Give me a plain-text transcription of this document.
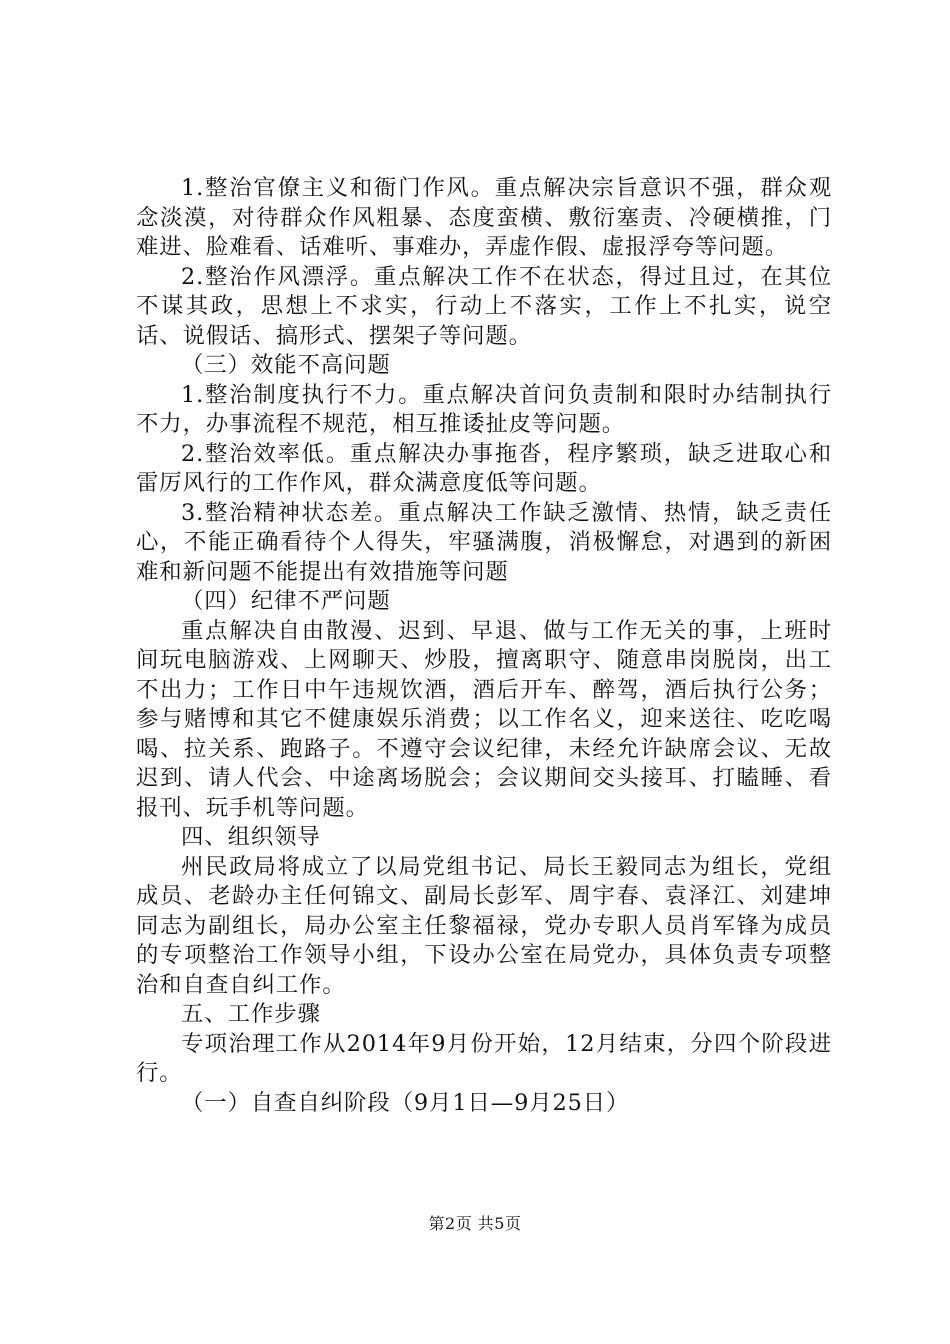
1.整治官僚主义和衙门作风。重点解决宗旨意识不强，群众观念淡漠，对待群众作风粗暴、态度蛮横、敷衍塞责、冷硬横推，门难进、脸难看、话难听、事难办，弄虚作假、虚报浮夸等问题。

2.整治作风漂浮。重点解决工作不在状态，得过且过，在其位不谋其政，思想上不求实，行动上不落实，工作上不扎实，说空话、说假话、搞形式、摆架子等问题。

（三）效能不高问题

1.整治制度执行不力。重点解决首问负责制和限时办结制执行不力，办事流程不规范，相互推诿扯皮等问题。

2.整治效率低。重点解决办事拖沓，程序繁琐，缺乏进取心和雷厉风行的工作作风，群众满意度低等问题。

3.整治精神状态差。重点解决工作缺乏激情、热情，缺乏责任心，不能正确看待个人得失，牢骚满腹，消极懈怠，对遇到的新困难和新问题不能提出有效措施等问题

（四）纪律不严问题

重点解决自由散漫、迟到、早退、做与工作无关的事，上班时间玩电脑游戏、上网聊天、炒股，擅离职守、随意串岗脱岗，出工不出力；工作日中午违规饮酒，酒后开车、醉驾，酒后执行公务；参与赌博和其它不健康娱乐消费；以工作名义，迎来送往、吃吃喝喝、拉关系、跑路子。不遵守会议纪律，未经允许缺席会议、无故迟到、请人代会、中途离场脱会；会议期间交头接耳、打瞌睡、看报刊、玩手机等问题。

四、组织领导

州民政局将成立了以局党组书记、局长王毅同志为组长，党组成员、老龄办主任何锦文、副局长彭军、周宇春、袁泽江、刘建坤同志为副组长，局办公室主任黎福禄，党办专职人员肖军锋为成员的专项整治工作领导小组，下设办公室在局党办，具体负责专项整治和自查自纠工作。

五、工作步骤

专项治理工作从2014年9月份开始，12月结束，分四个阶段进行。

（一）自查自纠阶段（9月1日—9月25日）

第2页 共5页
